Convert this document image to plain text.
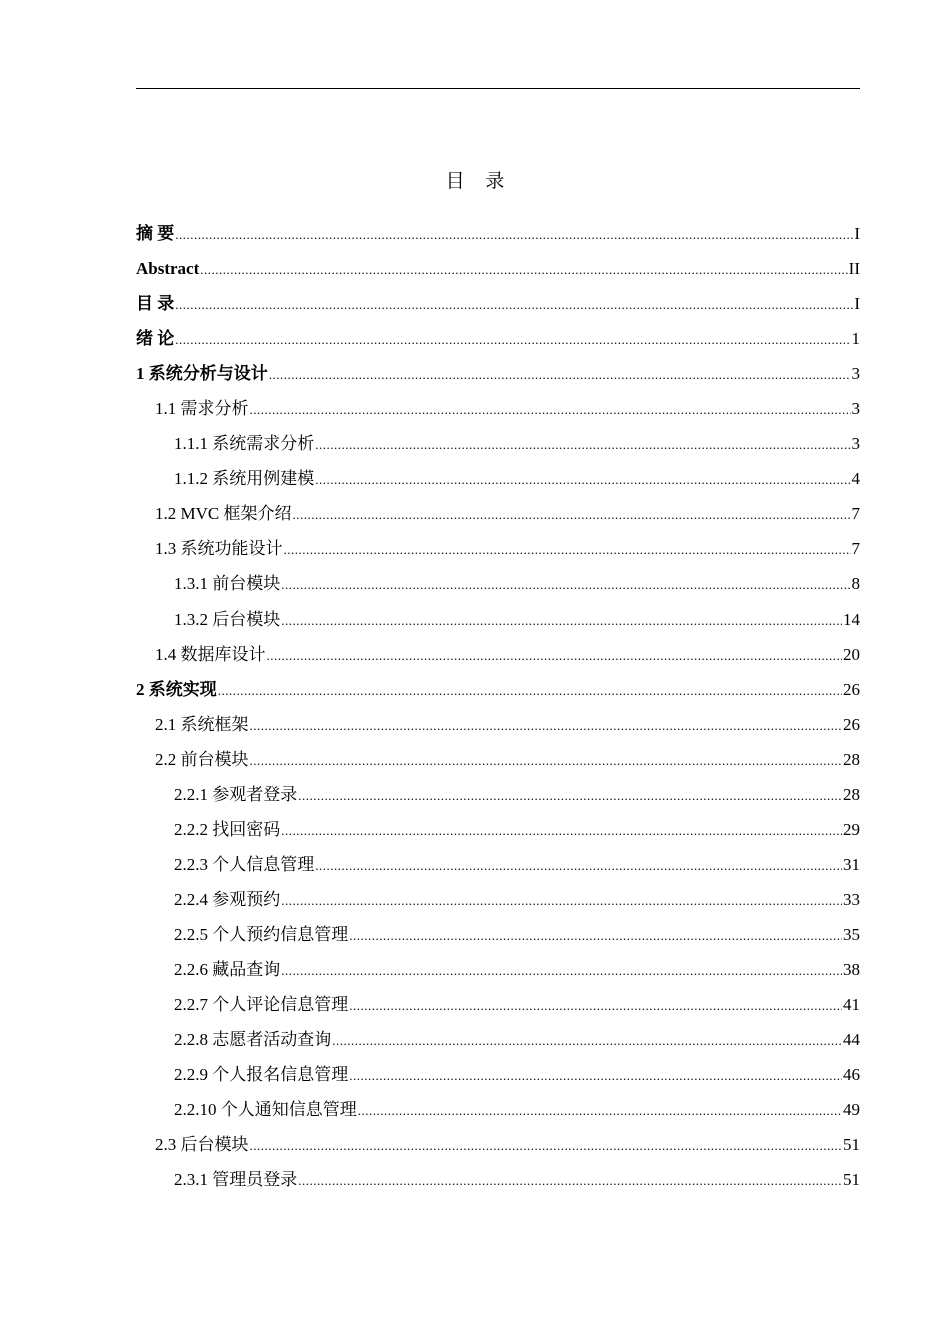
目 录
摘 要 .....	I
Abstract .....	II
目 录 .....	I
绪 论 .....	1
1 系统分析与设计 .....	3
1.1 需求分析 .....	3
1.1.1 系统需求分析 .....	3
1.1.2 系统用例建模 .....	4
1.2 MVC 框架介绍 .....	7
1.3 系统功能设计 .....	7
1.3.1 前台模块 .....	8
1.3.2 后台模块 .....	14
1.4 数据库设计 .....	20
2 系统实现 .....	26
2.1 系统框架 .....	26
2.2 前台模块 .....	28
2.2.1 参观者登录 .....	28
2.2.2 找回密码 .....	29
2.2.3 个人信息管理 .....	31
2.2.4 参观预约 .....	33
2.2.5 个人预约信息管理 .....	35
2.2.6 藏品查询 .....	38
2.2.7 个人评论信息管理 .....	41
2.2.8 志愿者活动查询 .....	44
2.2.9 个人报名信息管理 .....	46
2.2.10 个人通知信息管理 .....	49
2.3 后台模块 .....	51
2.3.1 管理员登录 .....	51
